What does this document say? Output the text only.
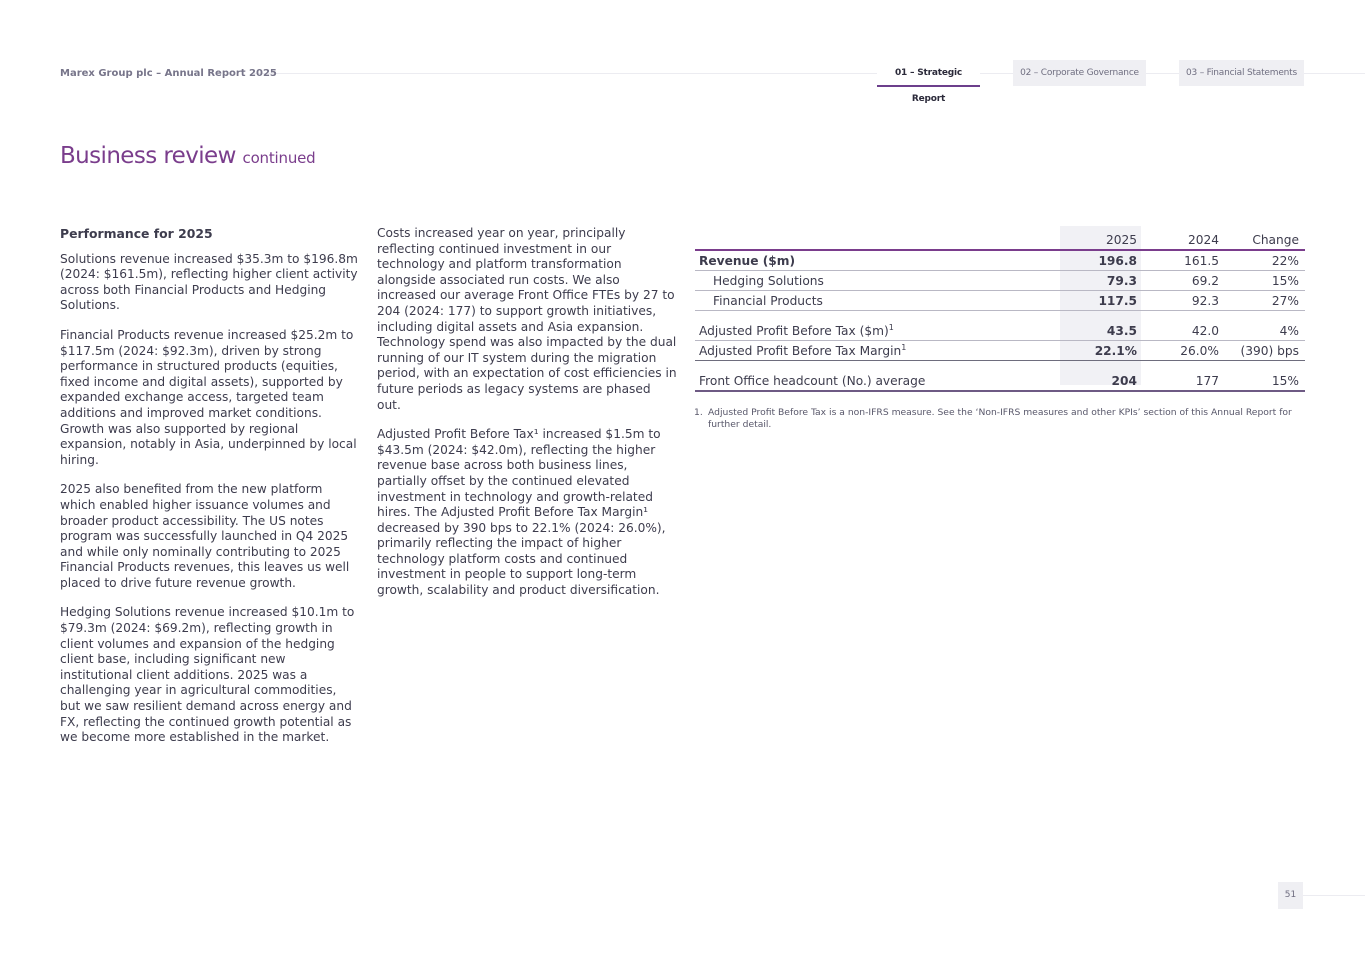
Marex Group plc – Annual Report 2025	01 – Strategic Report
02 – Corporate Governance	03 – Financial Statements
Business review continued

Performance for 2025

Solutions revenue increased $35.3m to $196.8m (2024: $161.5m), reflecting higher client activity across both Financial Products and Hedging Solutions.

Financial Products revenue increased $25.2m to $117.5m (2024: $92.3m), driven by strong performance in structured products (equities, fixed income and digital assets), supported by expanded exchange access, targeted team additions and improved market conditions. Growth was also supported by regional expansion, notably in Asia, underpinned by local hiring.

2025 also benefited from the new platform which enabled higher issuance volumes and broader product accessibility. The US notes program was successfully launched in Q4 2025 and while only nominally contributing to 2025 Financial Products revenues, this leaves us well placed to drive future revenue growth.

Hedging Solutions revenue increased $10.1m to $79.3m (2024: $69.2m), reflecting growth in client volumes and expansion of the hedging client base, including significant new institutional client additions. 2025 was a challenging year in agricultural commodities, but we saw resilient demand across energy and FX, reflecting the continued growth potential as we become more established in the market.

Costs increased year on year, principally reflecting continued investment in our technology and platform transformation alongside associated run costs. We also increased our average Front Office FTEs by 27 to 204 (2024: 177) to support growth initiatives, including digital assets and Asia expansion. Technology spend was also impacted by the dual running of our IT system during the migration period, with an expectation of cost efficiencies in future periods as legacy systems are phased out.

Adjusted Profit Before Tax¹ increased $1.5m to $43.5m (2024: $42.0m), reflecting the higher revenue base across both business lines, partially offset by the continued elevated investment in technology and growth-related hires. The Adjusted Profit Before Tax Margin¹ decreased by 390 bps to 22.1% (2024: 26.0%), primarily reflecting the impact of higher technology platform costs and continued investment in people to support long-term growth, scalability and product diversification.

	2025	2024	Change
Revenue ($m)	196.8	161.5	22%
Hedging Solutions	79.3	69.2	15%
Financial Products	117.5	92.3	27%

Adjusted Profit Before Tax ($m)$^1$	43.5	42.0	4%
Adjusted Profit Before Tax Margin$^1$	22.1%	26.0%	(390) bps

Front Office headcount (No.) average	204	177	15%
1. Adjusted Profit Before Tax is a non-IFRS measure. See the ‘Non-IFRS measures and other KPIs’ section of this Annual Report for further detail.
51
